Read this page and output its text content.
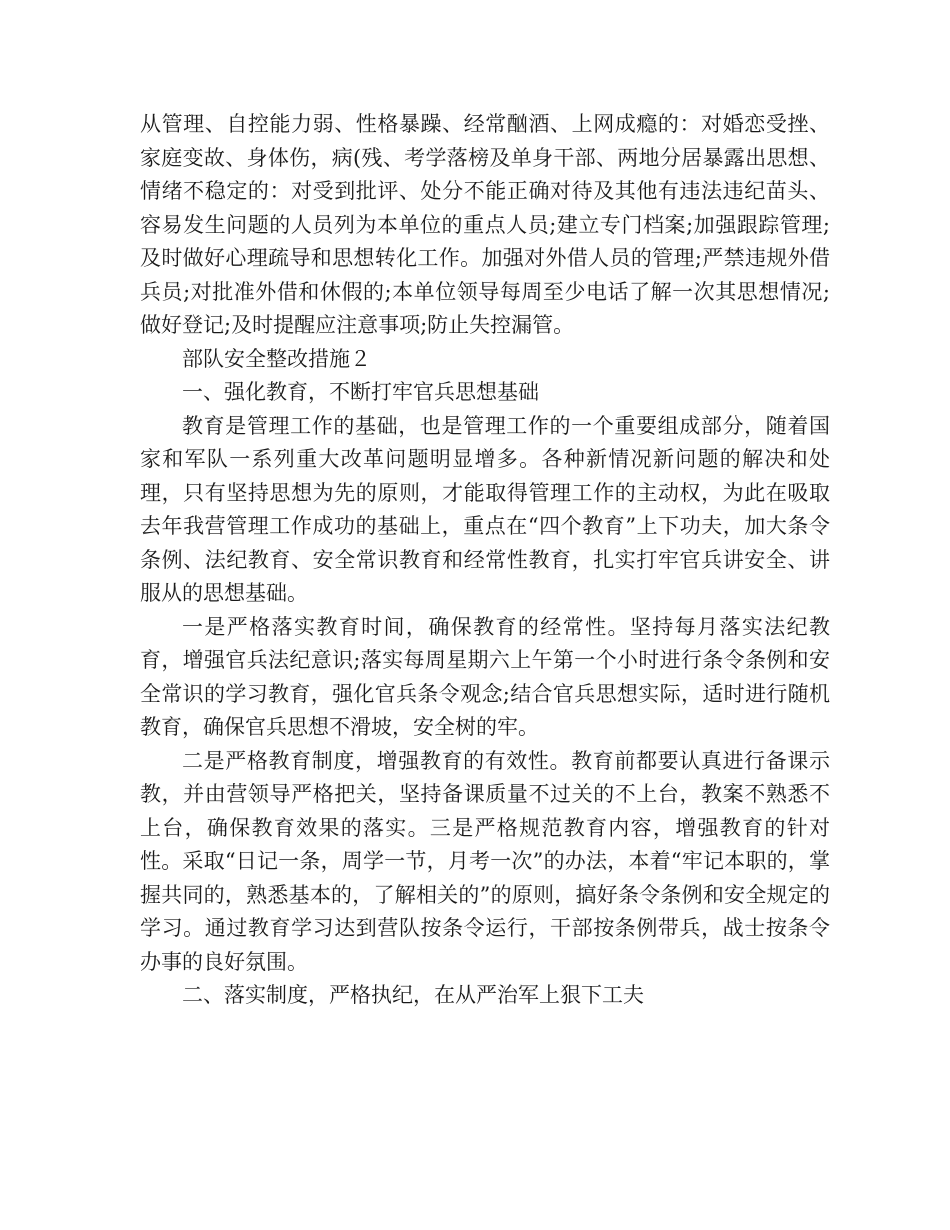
从管理、自控能力弱、性格暴躁、经常酗酒、上网成瘾的：对婚恋受挫、家庭变故、身体伤，病(残、考学落榜及单身干部、两地分居暴露出思想、情绪不稳定的：对受到批评、处分不能正确对待及其他有违法违纪苗头、容易发生问题的人员列为本单位的重点人员;建立专门档案;加强跟踪管理;及时做好心理疏导和思想转化工作。加强对外借人员的管理;严禁违规外借兵员;对批准外借和休假的;本单位领导每周至少电话了解一次其思想情况;做好登记;及时提醒应注意事项;防止失控漏管。

部队安全整改措施２

一、强化教育，不断打牢官兵思想基础

教育是管理工作的基础，也是管理工作的一个重要组成部分，随着国家和军队一系列重大改革问题明显增多。各种新情况新问题的解决和处理，只有坚持思想为先的原则，才能取得管理工作的主动权，为此在吸取去年我营管理工作成功的基础上，重点在“四个教育”上下功夫，加大条令条例、法纪教育、安全常识教育和经常性教育，扎实打牢官兵讲安全、讲服从的思想基础。

一是严格落实教育时间，确保教育的经常性。坚持每月落实法纪教育，增强官兵法纪意识;落实每周星期六上午第一个小时进行条令条例和安全常识的学习教育，强化官兵条令观念;结合官兵思想实际，适时进行随机教育，确保官兵思想不滑坡，安全树的牢。

二是严格教育制度，增强教育的有效性。教育前都要认真进行备课示教，并由营领导严格把关，坚持备课质量不过关的不上台，教案不熟悉不上台，确保教育效果的落实。三是严格规范教育内容，增强教育的针对性。采取“日记一条，周学一节，月考一次”的办法，本着“牢记本职的，掌握共同的，熟悉基本的，了解相关的”的原则，搞好条令条例和安全规定的学习。通过教育学习达到营队按条令运行，干部按条例带兵，战士按条令办事的良好氛围。

二、落实制度，严格执纪，在从严治军上狠下工夫
